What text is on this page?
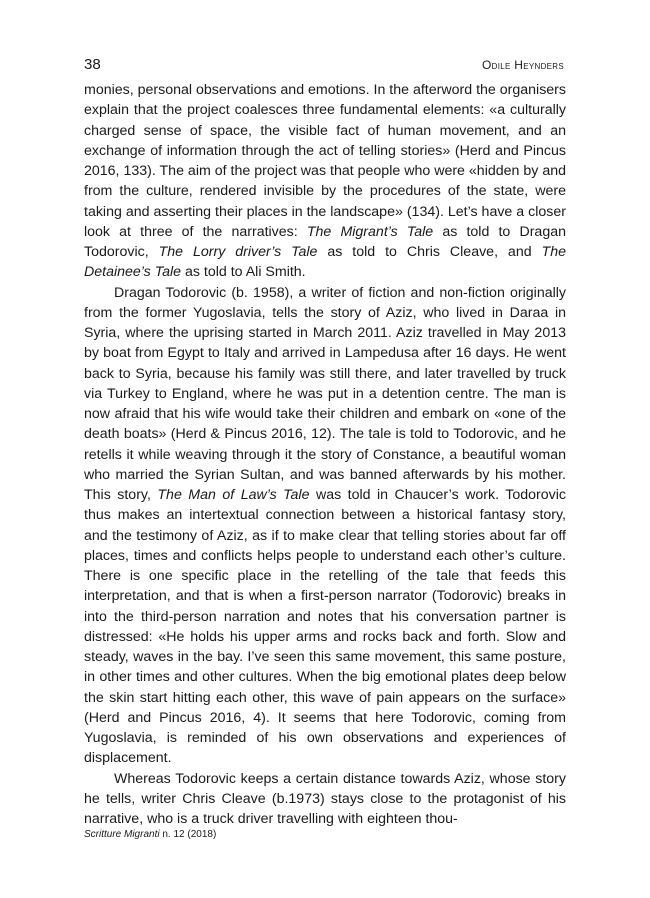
38	Odile Heynders

monies, personal observations and emotions. In the afterword the organisers explain that the project coalesces three fundamental elements: «a culturally charged sense of space, the visible fact of human movement, and an exchange of information through the act of telling stories» (Herd and Pincus 2016, 133). The aim of the project was that people who were «hidden by and from the culture, rendered invisible by the procedures of the state, were taking and asserting their places in the landscape» (134). Let’s have a closer look at three of the narratives: The Migrant’s Tale as told to Dragan Todorovic, The Lorry driver’s Tale as told to Chris Cleave, and The Detainee’s Tale as told to Ali Smith.

Dragan Todorovic (b. 1958), a writer of fiction and non-fiction originally from the former Yugoslavia, tells the story of Aziz, who lived in Daraa in Syria, where the uprising started in March 2011. Aziz travelled in May 2013 by boat from Egypt to Italy and arrived in Lampedusa after 16 days. He went back to Syria, because his family was still there, and later travelled by truck via Turkey to England, where he was put in a detention centre. The man is now afraid that his wife would take their children and embark on «one of the death boats» (Herd & Pincus 2016, 12). The tale is told to Todorovic, and he retells it while weaving through it the story of Constance, a beautiful woman who married the Syrian Sultan, and was banned afterwards by his mother. This story, The Man of Law’s Tale was told in Chaucer’s work. Todorovic thus makes an intertextual connection between a historical fantasy story, and the testimony of Aziz, as if to make clear that telling stories about far off places, times and conflicts helps people to understand each other’s culture. There is one specific place in the retelling of the tale that feeds this interpretation, and that is when a first-person narrator (Todorovic) breaks in into the third-person narration and notes that his conversation partner is distressed: «He holds his upper arms and rocks back and forth. Slow and steady, waves in the bay. I’ve seen this same movement, this same posture, in other times and other cultures. When the big emotional plates deep below the skin start hitting each other, this wave of pain appears on the surface» (Herd and Pincus 2016, 4). It seems that here Todorovic, coming from Yugoslavia, is reminded of his own observations and experiences of displacement.

Whereas Todorovic keeps a certain distance towards Aziz, whose story he tells, writer Chris Cleave (b.1973) stays close to the protagonist of his narrative, who is a truck driver travelling with eighteen thou-

Scritture Migranti n. 12 (2018)
